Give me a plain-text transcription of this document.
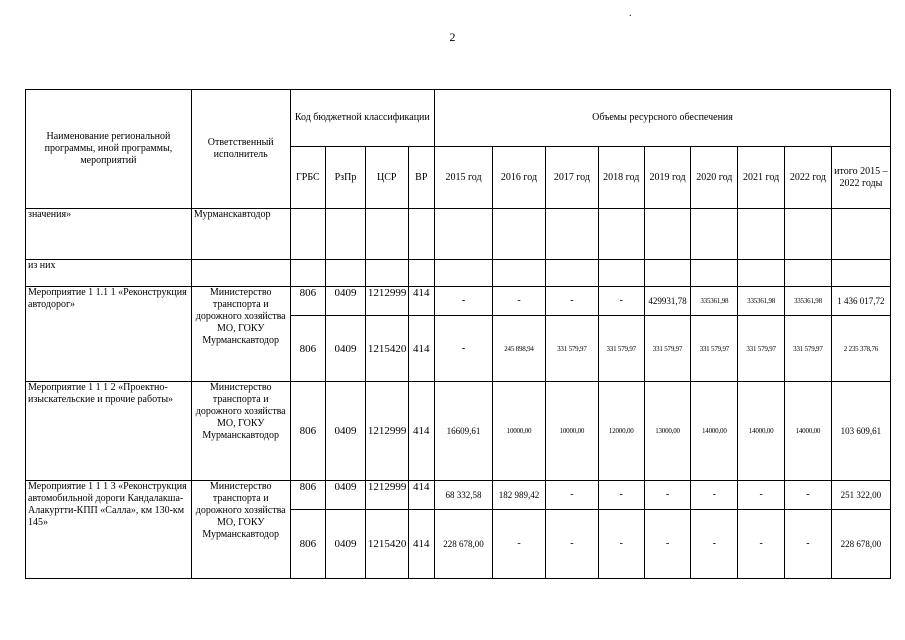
.
2
Наименование региональной программы, иной программы, мероприятий	Ответственный исполнитель	Код бюджетной классификации				Объемы ресурсного обеспечения								
		ГРБС	РзПр	ЦСР	ВР	2015 год	2016 год	2017 год	2018 год	2019 год	2020 год	2021 год	2022 год	итого 2015 – 2022 годы
значения»	Мурманскавтодор													
из них														
Мероприятие 1 1.1 1 «Реконструкция автодорог»	Министерство транспорта и дорожного хозяйства МО, ГОКУ Мурманскавтодор	806	0409	1212999	414	-	-	-	-	429931,78	335361,98	335361,98	335361,98	1 436 017,72
		806	0409	1215420	414	-	245 898,94	331 579,97	331 579,97	331 579,97	331 579,97	331 579,97	331 579,97	2 235 378,76
Мероприятие 1 1 1 2 «Проектно-изыскательские и прочие работы»	Министерство транспорта и дорожного хозяйства МО, ГОКУ Мурманскавтодор	806	0409	1212999	414	16609,61	10000,00	10000,00	12000,00	13000,00	14000,00	14000,00	14000,00	103 609,61
Мероприятие 1 1 1 3 «Реконструкция автомобильной дороги Кандалакша-Алакуртти-КПП «Салла», км 130-км 145»	Министерство транспорта и дорожного хозяйства МО, ГОКУ Мурманскавтодор	806	0409	1212999	414	68 332,58	182 989,42	-	-	-	-	-	-	251 322,00
		806	0409	1215420	414	228 678,00	-	-	-	-	-	-	-	228 678,00
